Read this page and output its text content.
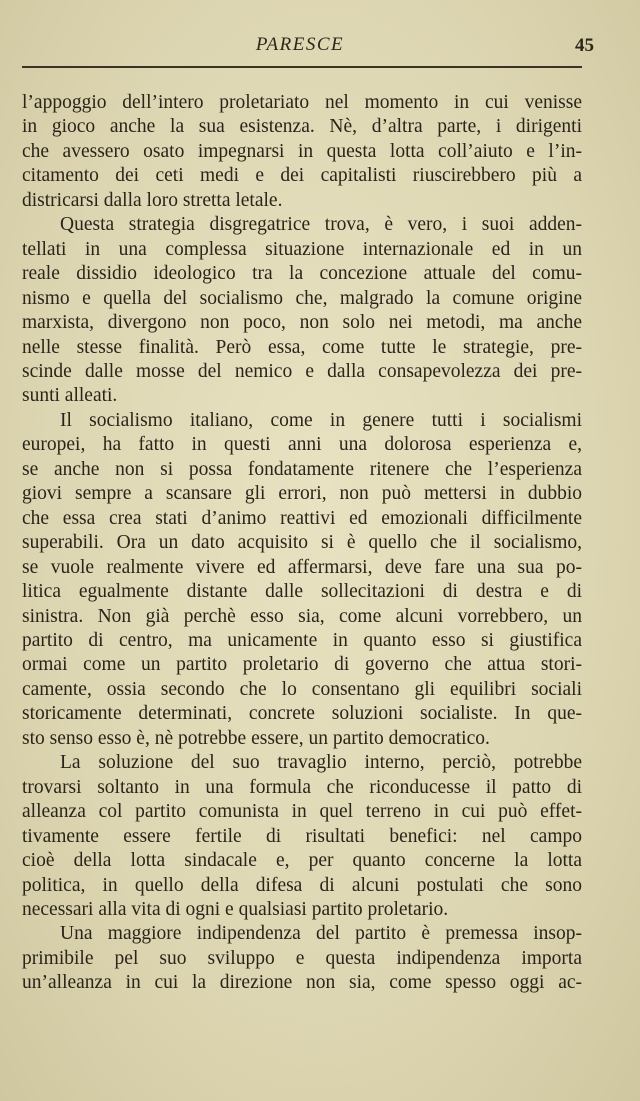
PARESCE	45
l’appoggio dell’intero proletariato nel momento in cui venisse
in gioco anche la sua esistenza. Nè, d’altra parte, i dirigenti
che avessero osato impegnarsi in questa lotta coll’aiuto e l’in-
citamento dei ceti medi e dei capitalisti riuscirebbero più a
districarsi dalla loro stretta letale.
Questa strategia disgregatrice trova, è vero, i suoi adden-
tellati in una complessa situazione internazionale ed in un
reale dissidio ideologico tra la concezione attuale del comu-
nismo e quella del socialismo che, malgrado la comune origine
marxista, divergono non poco, non solo nei metodi, ma anche
nelle stesse finalità. Però essa, come tutte le strategie, pre-
scinde dalle mosse del nemico e dalla consapevolezza dei pre-
sunti alleati.
Il socialismo italiano, come in genere tutti i socialismi
europei, ha fatto in questi anni una dolorosa esperienza e,
se anche non si possa fondatamente ritenere che l’esperienza
giovi sempre a scansare gli errori, non può mettersi in dubbio
che essa crea stati d’animo reattivi ed emozionali difficilmente
superabili. Ora un dato acquisito si è quello che il socialismo,
se vuole realmente vivere ed affermarsi, deve fare una sua po-
litica egualmente distante dalle sollecitazioni di destra e di
sinistra. Non già perchè esso sia, come alcuni vorrebbero, un
partito di centro, ma unicamente in quanto esso si giustifica
ormai come un partito proletario di governo che attua stori-
camente, ossia secondo che lo consentano gli equilibri sociali
storicamente determinati, concrete soluzioni socialiste. In que-
sto senso esso è, nè potrebbe essere, un partito democratico.
La soluzione del suo travaglio interno, perciò, potrebbe
trovarsi soltanto in una formula che riconducesse il patto di
alleanza col partito comunista in quel terreno in cui può effet-
tivamente essere fertile di risultati benefici: nel campo
cioè della lotta sindacale e, per quanto concerne la lotta
politica, in quello della difesa di alcuni postulati che sono
necessari alla vita di ogni e qualsiasi partito proletario.
Una maggiore indipendenza del partito è premessa insop-
primibile pel suo sviluppo e questa indipendenza importa
un’alleanza in cui la direzione non sia, come spesso oggi ac-
